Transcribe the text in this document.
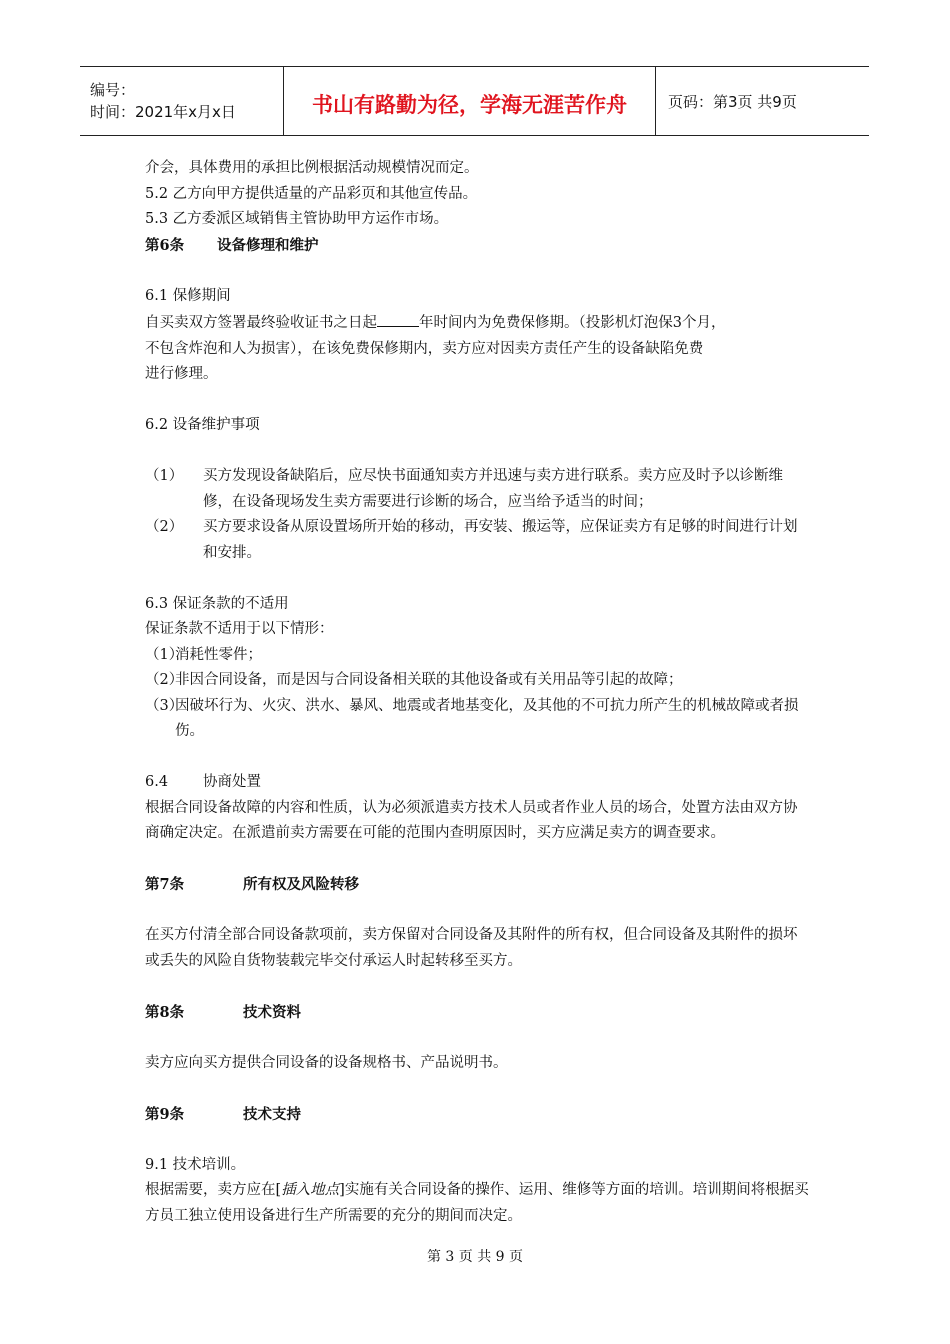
编号：
时间：2021年x月x日	书山有路勤为径，学海无涯苦作舟	页码：第3页 共9页

介会，具体费用的承担比例根据活动规模情况而定。

5.2 乙方向甲方提供适量的产品彩页和其他宣传品。

5.3 乙方委派区域销售主管协助甲方运作市场。

第6条	设备修理和维护

6.1 保修期间

自买卖双方签署最终验收证书之日起	年时间内为免费保修期。（投影机灯泡保3个月，

不包含炸泡和人为损害），在该免费保修期内，卖方应对因卖方责任产生的设备缺陷免费

进行修理。

6.2 设备维护事项

（1）	买方发现设备缺陷后，应尽快书面通知卖方并迅速与卖方进行联系。卖方应及时予以诊断维修，在设备现场发生卖方需要进行诊断的场合，应当给予适当的时间；
（2）	买方要求设备从原设置场所开始的移动，再安装、搬运等，应保证卖方有足够的时间进行计划和安排。

6.3 保证条款的不适用

保证条款不适用于以下情形：

（1）
消耗性零件；
（2）
非因合同设备，而是因与合同设备相关联的其他设备或有关用品等引起的故障；
（3）
因破坏行为、火灾、洪水、暴风、地震或者地基变化，及其他的不可抗力所产生的机械故障或者损伤。

6.4 协商处置

根据合同设备故障的内容和性质，认为必须派遣卖方技术人员或者作业人员的场合，处置方法由双方协商确定决定。在派遣前卖方需要在可能的范围内查明原因时，买方应满足卖方的调查要求。

第7条	所有权及风险转移

在买方付清全部合同设备款项前，卖方保留对合同设备及其附件的所有权，但合同设备及其附件的损坏或丢失的风险自货物装载完毕交付承运人时起转移至买方。

第8条	技术资料

卖方应向买方提供合同设备的设备规格书、产品说明书。

第9条	技术支持

9.1 技术培训。

根据需要，卖方应在[插入地点]实施有关合同设备的操作、运用、维修等方面的培训。培训期间将根据买方员工独立使用设备进行生产所需要的充分的期间而决定。

第 3 页 共 9 页
